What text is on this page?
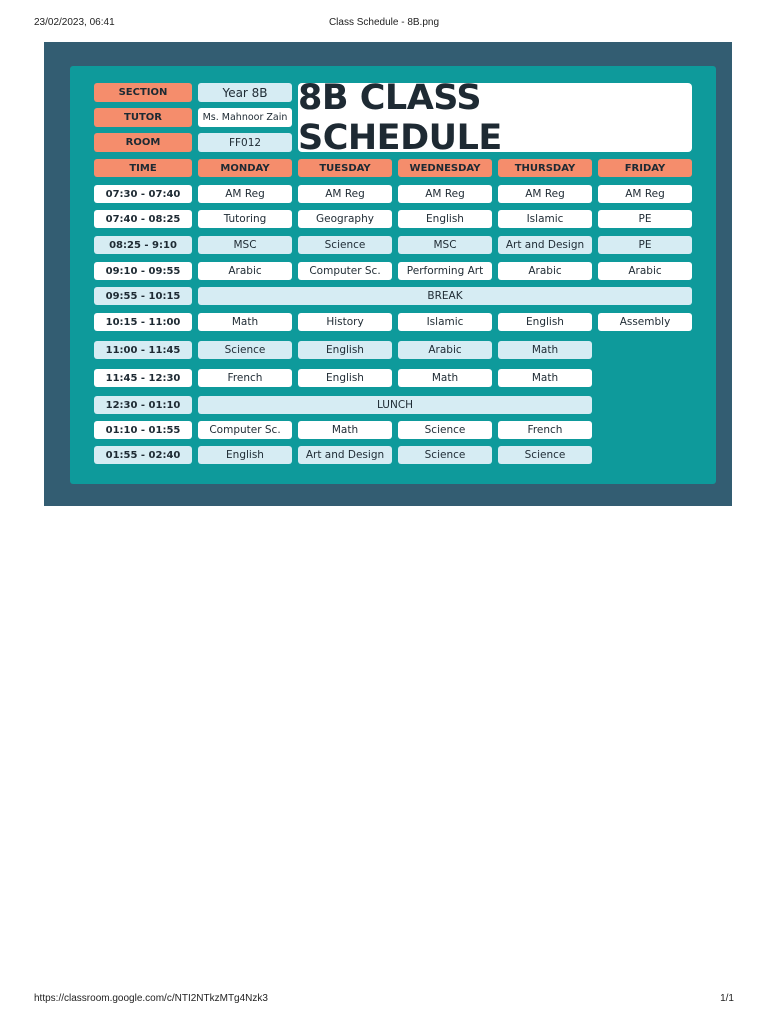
23/02/2023, 06:41	Class Schedule - 8B.png
SECTION	Year 8B
TUTOR	Ms. Mahnoor Zain
ROOM	FF012
8B CLASS SCHEDULE
TIME	MONDAY	TUESDAY	WEDNESDAY	THURSDAY	FRIDAY
07:30 - 07:40	AM Reg	AM Reg	AM Reg	AM Reg	AM Reg
07:40 - 08:25	Tutoring	Geography	English	Islamic	PE
08:25 - 9:10	MSC	Science	MSC	Art and Design	PE
09:10 - 09:55	Arabic	Computer Sc.	Performing Art	Arabic	Arabic
09:55 - 10:15	BREAK
10:15 - 11:00	Math	History	Islamic	English	Assembly
11:00 - 11:45	Science	English	Arabic	Math
11:45 - 12:30	French	English	Math	Math
12:30 - 01:10	LUNCH
01:10 - 01:55	Computer Sc.	Math	Science	French
01:55 - 02:40	English	Art and Design	Science	Science
https://classroom.google.com/c/NTI2NTkzMTg4Nzk3	1/1
